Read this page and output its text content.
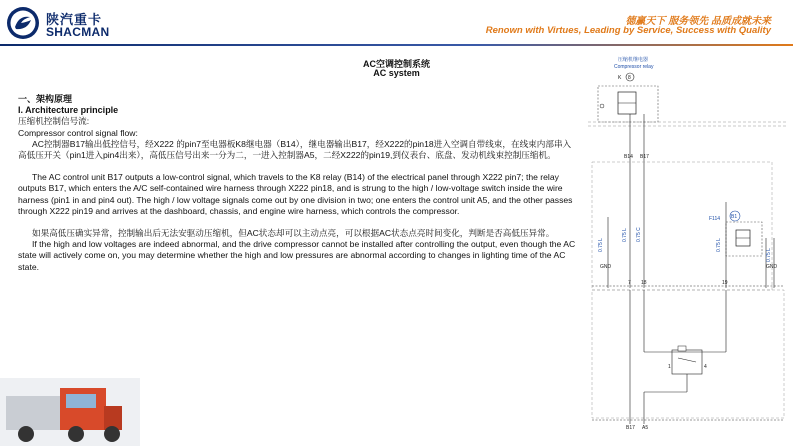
陕汽重卡
SHACMAN
德赢天下 服务领先 品质成就未来
Renown with Virtues, Leading by Service, Success with Quality
AC空调控制系统
AC system

一、架构原理

I. Architecture principle

压缩机控制信号流:

Compressor control signal flow:

AC控制器B17输出低控信号，经X222 的pin7至电器板K8继电器（B14），继电器输出B17，经X222的pin18进入空调自带线束，在线束内部串入高低压开关（pin1进入pin4出来），高低压信号出来一分为二，一进入控制器A5，二经X222的pin19,到仪表台、底盘、发动机线束控制压缩机。

The AC control unit B17 outputs a low-control signal, which travels to the K8 relay (B14) of the electrical panel through X222 pin7; the relay outputs B17, which enters the A/C self-contained wire harness through X222 pin18, and is strung to the high / low-voltage switch inside the wire harness (pin1 in and pin4 out). The high / low voltage signals come out by one division in two; one enters the control unit A5, and the other passes through X222 pin19 and arrives at the dashboard, chassis, and engine wire harness, which controls the compressor.

如果高低压确实异常，控制输出后无法安驱动压缩机，但AC状态却可以主动点亮，可以根据AC状态点亮时间变化，判断是否高低压异常。

If the high and low voltages are indeed abnormal, and the drive compressor cannot be installed after controlling the output, even though the AC state will actively come on, you may determine whether the high and low pressures are abnormal according to changes in lighting time of the AC state.

压缩机继电器
Compressor relay
K 8
B14 B17
0.75 L
GND
0.75 L 0.75 C
F114 B1
0.75 L
0.75 L
GND
7 18	19
1	4
B17 A5
